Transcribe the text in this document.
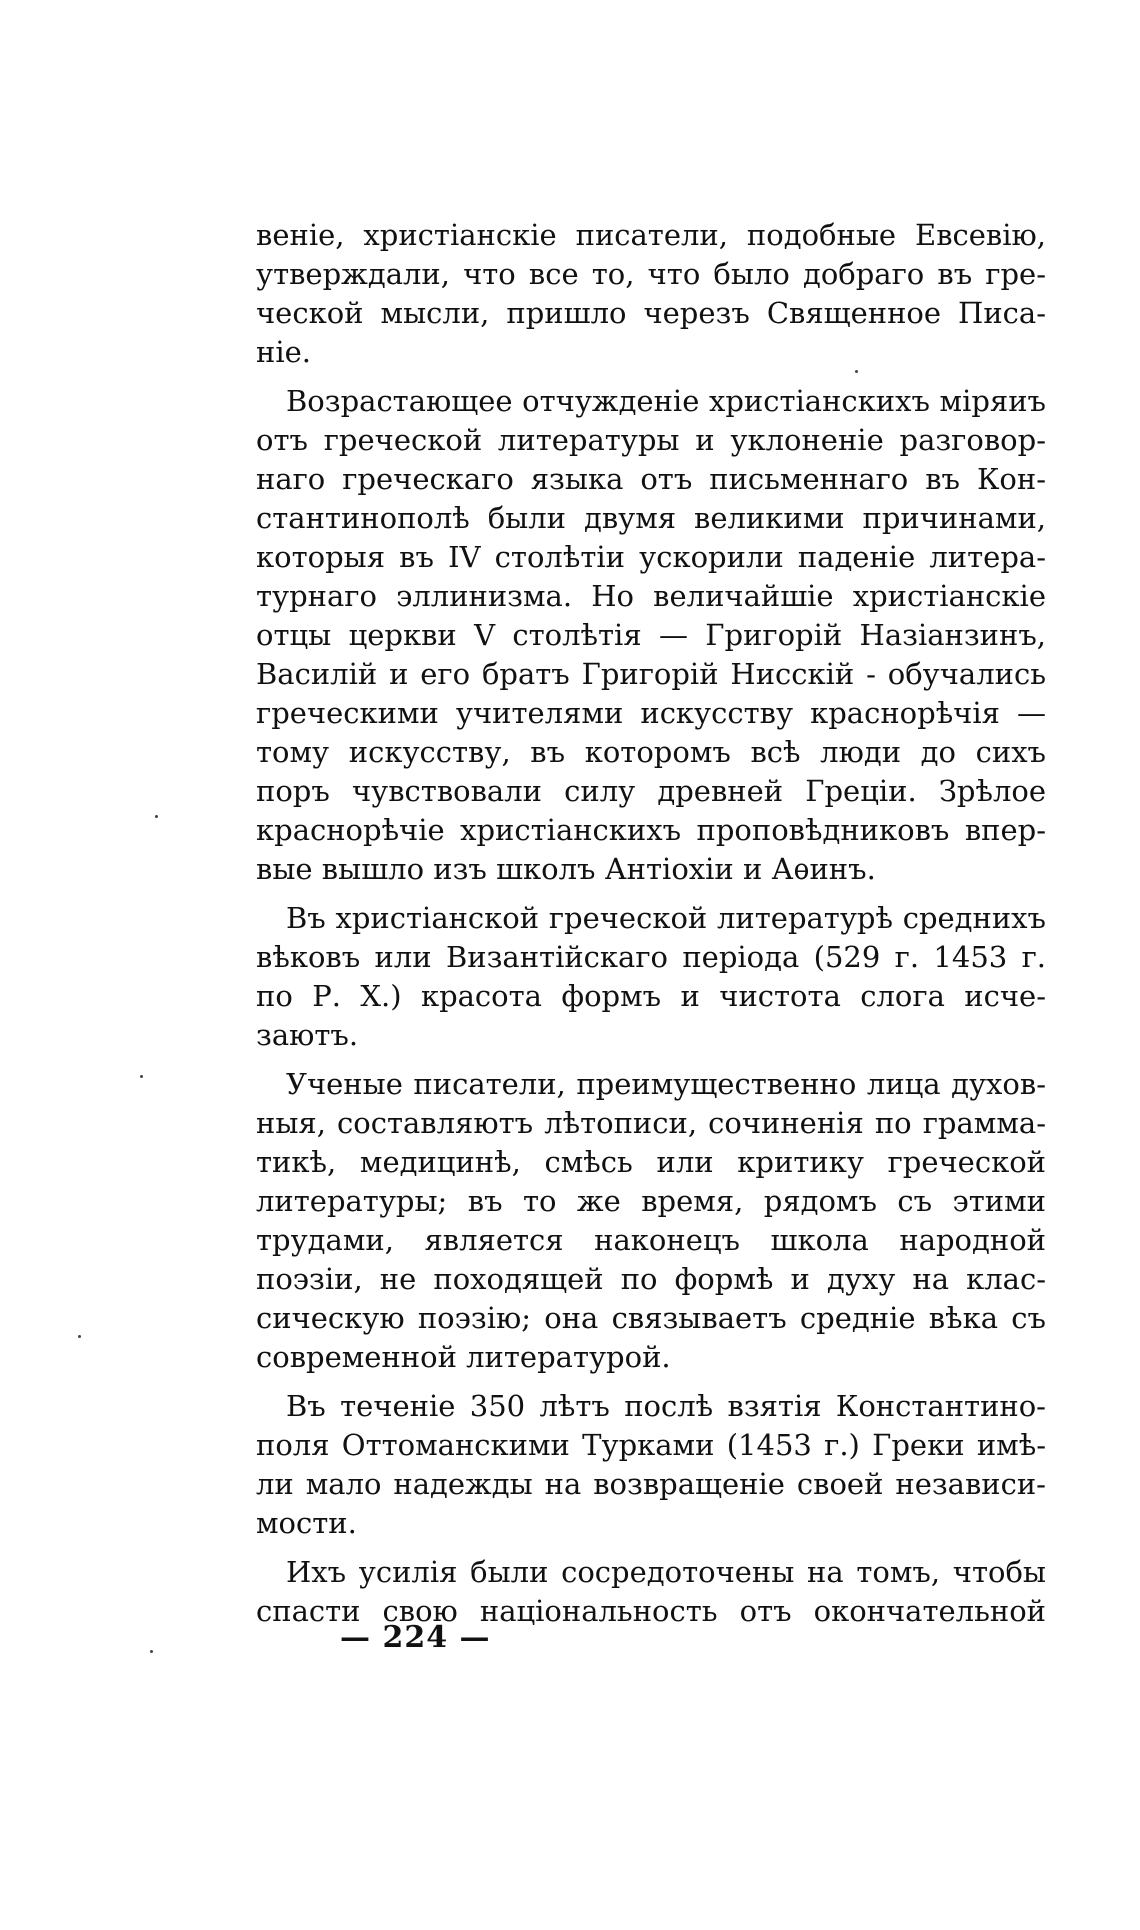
веніе, христіанскіе писатели, подобные Евсевію,
утверждали, что все то, что было добраго въ гре-
ческой мысли, пришло черезъ Священное Писа-
ніе.
Возрастающее отчужденіе христіанскихъ міряиъ
отъ греческой литературы и уклоненіе разговор-
наго греческаго языка отъ письменнаго въ Кон-
стантинополѣ были двумя великими причинами,
которыя въ IV столѣтіи ускорили паденіе литера-
турнаго эллинизма. Но величайшіе христіанскіе
отцы церкви V столѣтія — Григорій Назіанзинъ,
Василій и его братъ Григорій Нисскій - обучались
греческими учителями искусству краснорѣчія —
тому искусству, въ которомъ всѣ люди до сихъ
поръ чувствовали силу древней Греціи. Зрѣлое
краснорѣчіе христіанскихъ проповѣдниковъ впер-
вые вышло изъ школъ Антіохіи и Аѳинъ.
Въ христіанской греческой литературѣ среднихъ
вѣковъ или Византійскаго періода (529 г. 1453 г.
по Р. Х.) красота формъ и чистота слога исче-
заютъ.
Ученые писатели, преимущественно лица духов-
ныя, составляютъ лѣтописи, сочиненія по грамма-
тикѣ, медицинѣ, смѣсь или критику греческой
литературы; въ то же время, рядомъ съ этими
трудами, является наконецъ школа народной
поэзіи, не походящей по формѣ и духу на клас-
сическую поэзію; она связываетъ средніе вѣка съ
современной литературой.
Въ теченіе 350 лѣтъ послѣ взятія Константино-
поля Оттоманскими Турками (1453 г.) Греки имѣ-
ли мало надежды на возвращеніе своей независи-
мости.
Ихъ усилія были сосредоточены на томъ, чтобы
спасти свою національность отъ окончательной
— 224 —
